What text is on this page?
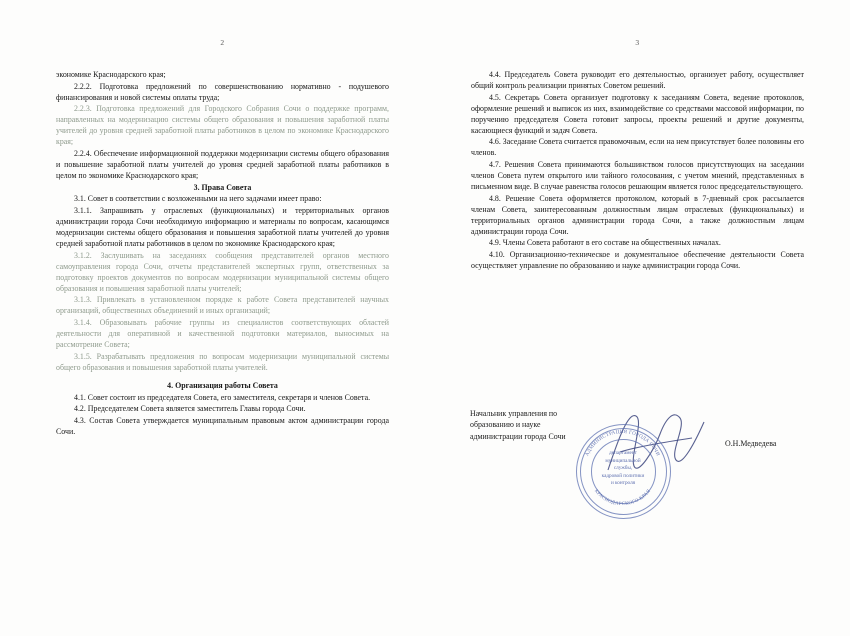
2

экономике Краснодарского края;

2.2.2. Подготовка предложений по совершенствованию нормативно - подушевого финансирования и новой системы оплаты труда;

2.2.3. Подготовка предложений для Городского Собрания Сочи о поддержке программ, направленных на модернизацию системы общего образования и повышения заработной платы учителей до уровня средней заработной платы работников в целом по экономике Краснодарского края;

2.2.4. Обеспечение информационной поддержки модернизации системы общего образования и повышение заработной платы учителей до уровня средней заработной платы работников в целом по экономике Краснодарского края;

3. Права Совета

3.1. Совет в соответствии с возложенными на него задачами имеет право:

3.1.1. Запрашивать у отраслевых (функциональных) и территориальных органов администрации города Сочи необходимую информацию и материалы по вопросам, касающимся модернизации системы общего образования и повышения заработной платы учителей до уровня средней заработной платы работников в целом по экономике Краснодарского края;

3.1.2. Заслушивать на заседаниях сообщения представителей органов местного самоуправления города Сочи, отчеты представителей экспертных групп, ответственных за подготовку проектов документов по вопросам модернизации муниципальной системы общего образования и повышения заработной платы учителей;

3.1.3. Привлекать в установленном порядке к работе Совета представителей научных организаций, общественных объединений и иных организаций;

3.1.4. Образовывать рабочие группы из специалистов соответствующих областей деятельности для оперативной и качественной подготовки материалов, выносимых на рассмотрение Совета;

3.1.5. Разрабатывать предложения по вопросам модернизации муниципальной системы общего образования и повышения заработной платы учителей.

4. Организация работы Совета

4.1. Совет состоит из председателя Совета, его заместителя, секретаря и членов Совета.

4.2. Председателем Совета является заместитель Главы города Сочи.

4.3. Состав Совета утверждается муниципальным правовым актом администрации города Сочи.

3

4.4. Председатель Совета руководит его деятельностью, организует работу, осуществляет общий контроль реализации принятых Советом решений.

4.5. Секретарь Совета организует подготовку к заседаниям Совета, ведение протоколов, оформление решений и выписок из них, взаимодействие со средствами массовой информации, по поручению председателя Совета готовит запросы, проекты решений и другие документы, касающиеся функций и задач Совета.

4.6. Заседание Совета считается правомочным, если на нем присутствует более половины его членов.

4.7. Решения Совета принимаются большинством голосов присутствующих на заседании членов Совета путем открытого или тайного голосования, с учетом мнений, представленных в письменном виде. В случае равенства голосов решающим является голос председательствующего.

4.8. Решение Совета оформляется протоколом, который в 7-дневный срок рассылается членам Совета, заинтересованным должностным лицам отраслевых (функциональных) и территориальных органов администрации города Сочи, а также должностным лицам администрации города Сочи.

4.9. Члены Совета работают в его составе на общественных началах.

4.10. Организационно-техническое и документальное обеспечение деятельности Совета осуществляет управление по образованию и науке администрации города Сочи.

Начальник управления по
образованию и науке
администрации города Сочи
О.Н.Медведева
АДМИНИСТРАЦИЯ ГОРОДА СОЧИ
КРАСНОДАРСКОГО КРАЯ
департамент
муниципальной
службы,
кадровой политики
и контроля
